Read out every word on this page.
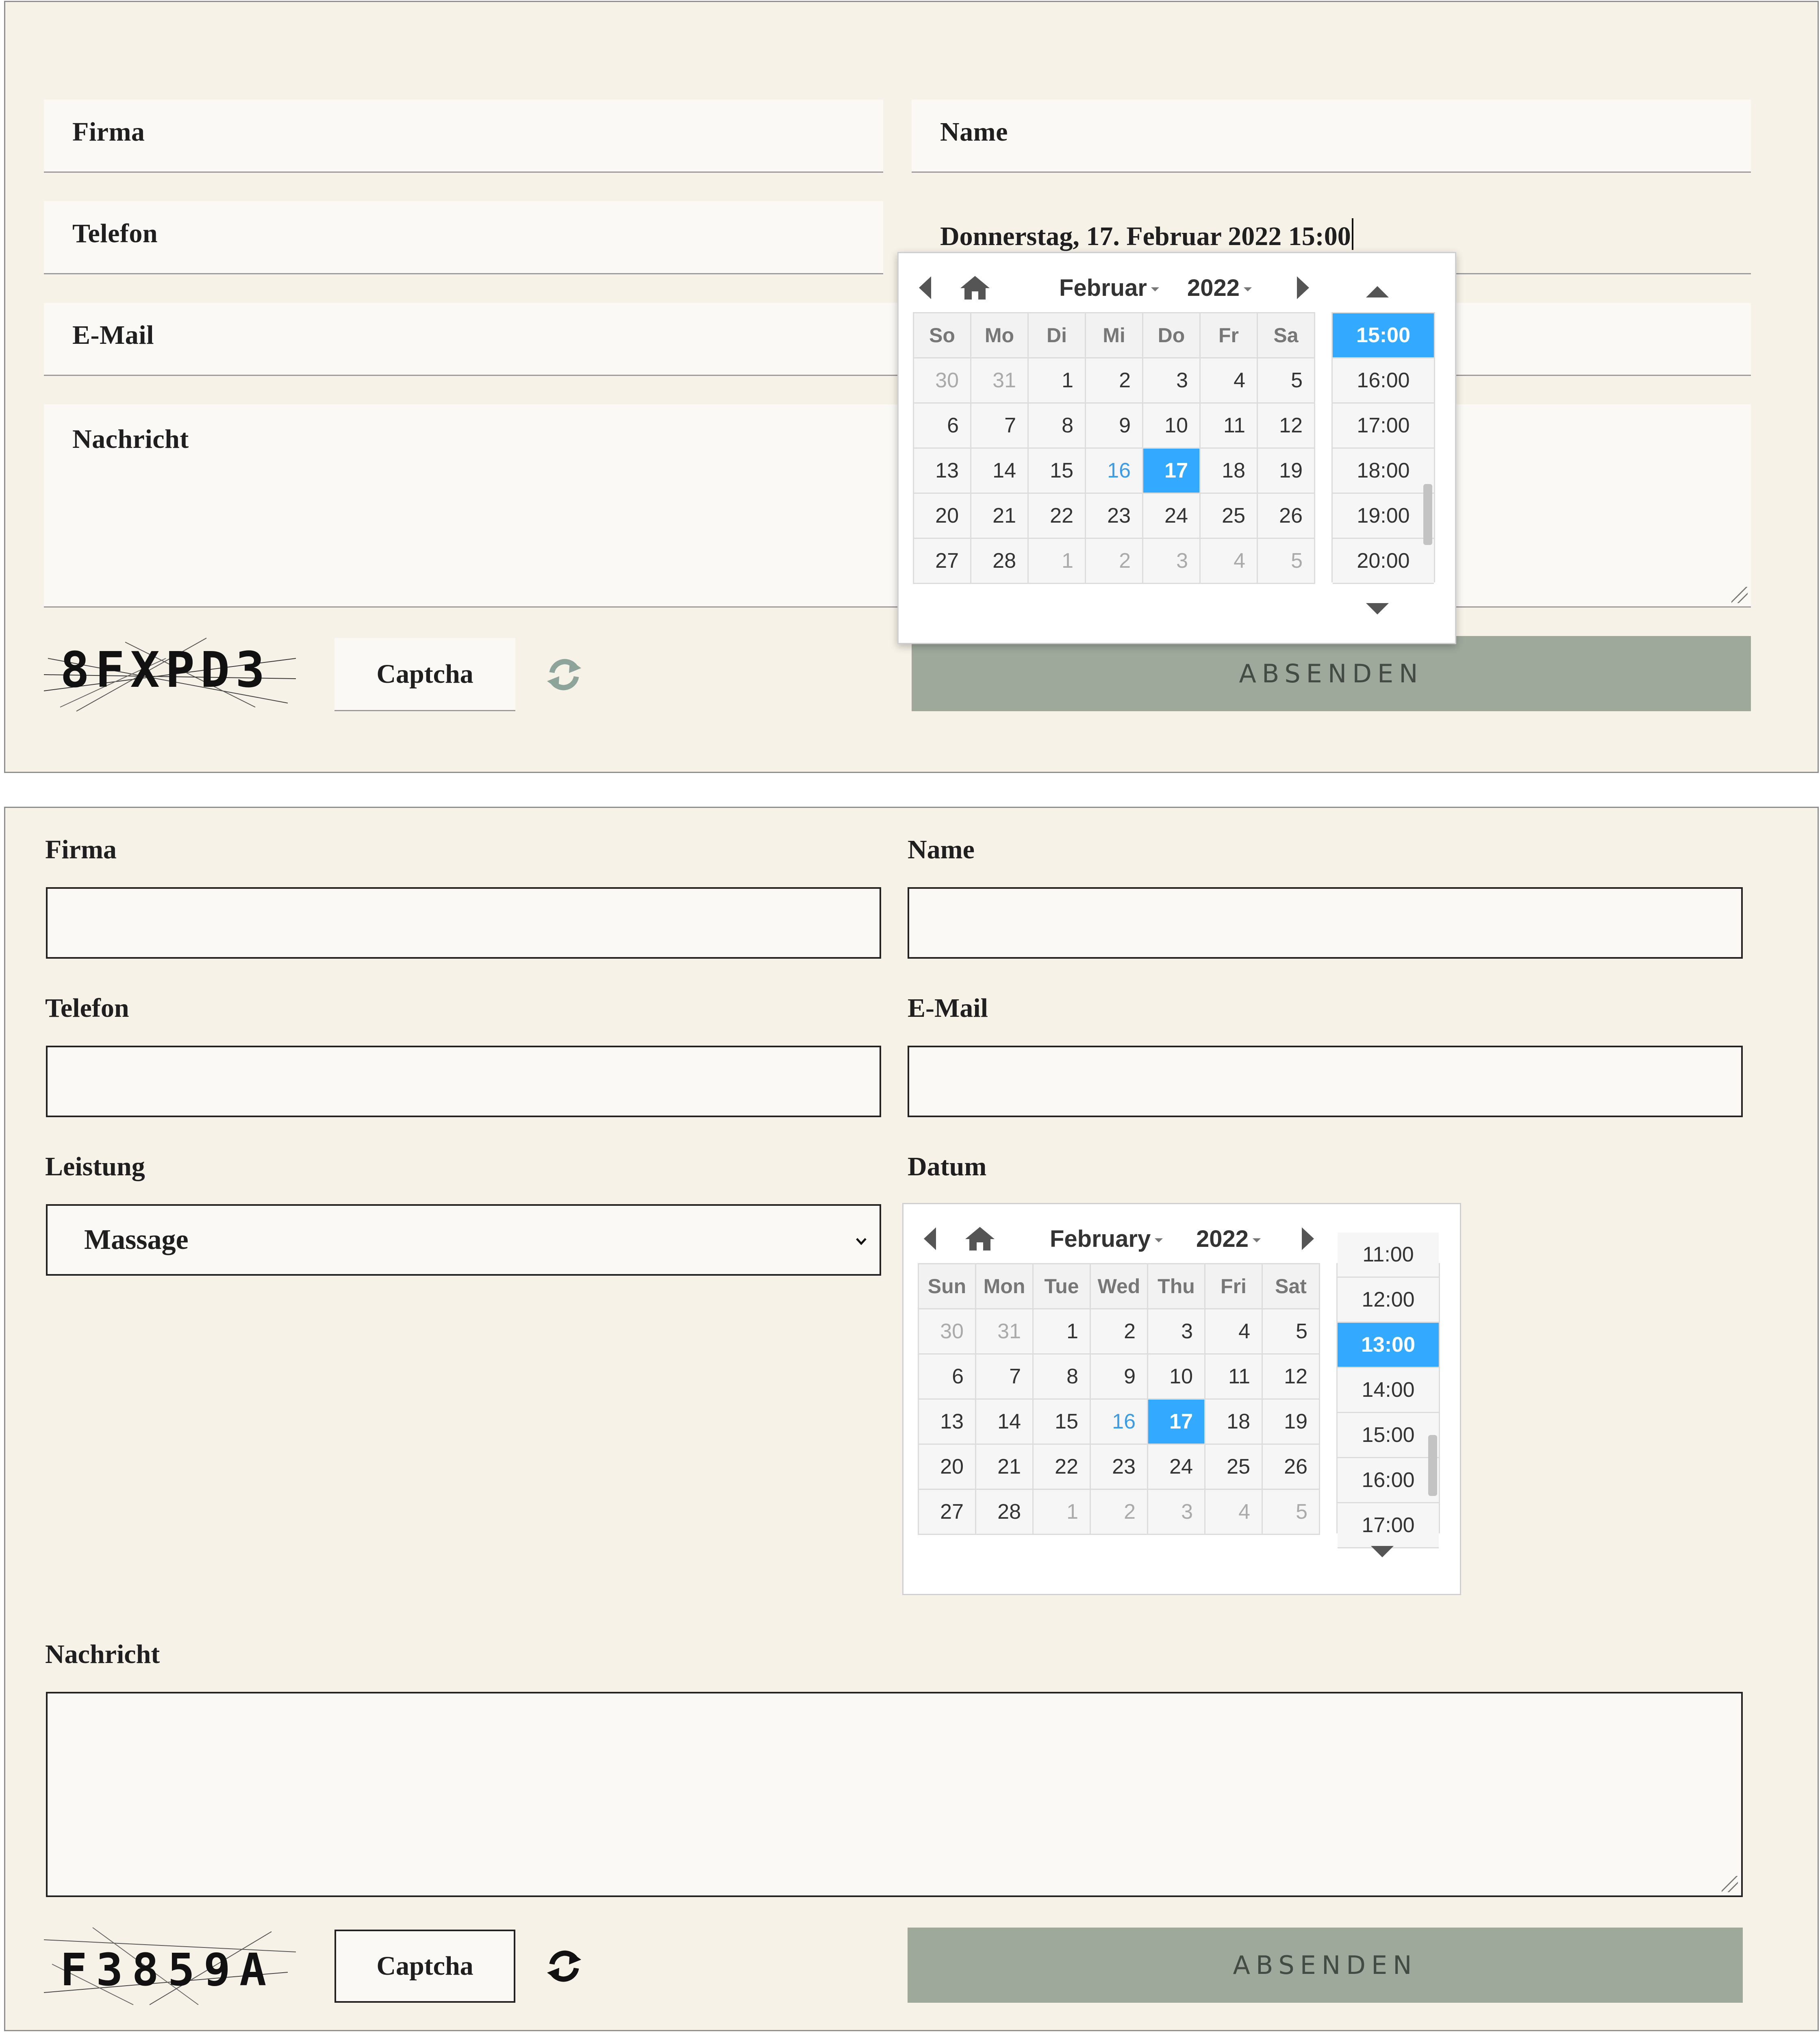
Firma	Name
Telefon	Donnerstag, 17. Februar 2022 15:00
E-Mail
Nachricht
8FXPD3	Captcha	ABSENDEN
Februar 2022
So	Mo	Di	Mi	Do	Fr	Sa
30	31	1	2	3	4	5
6	7	8	9	10	11	12
13	14	15	16	17	18	19
20	21	22	23	24	25	26
27	28	1	2	3	4	5
15:00
16:00
17:00
18:00
19:00
20:00
Firma	Name
Telefon	E-Mail
Leistung	Datum
Massage
Nachricht
F3859A	Captcha	ABSENDEN
February 2022
Sun	Mon	Tue	Wed	Thu	Fri	Sat
30	31	1	2	3	4	5
6	7	8	9	10	11	12
13	14	15	16	17	18	19
20	21	22	23	24	25	26
27	28	1	2	3	4	5
11:00
12:00
13:00
14:00
15:00
16:00
17:00
